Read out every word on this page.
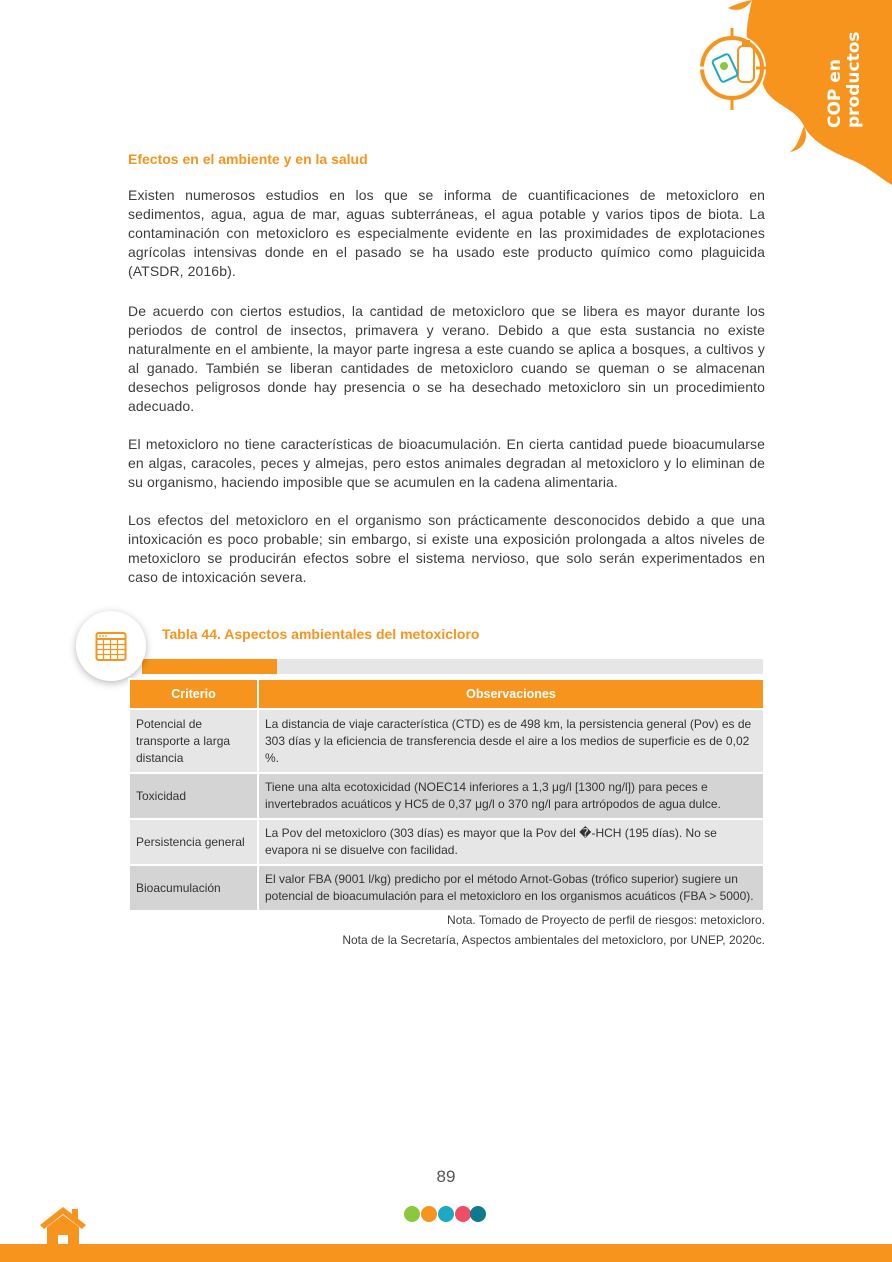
COP en
productos
Efectos en el ambiente y en la salud

Existen numerosos estudios en los que se informa de cuantificaciones de metoxicloro en sedimentos, agua, agua de mar, aguas subterráneas, el agua potable y varios tipos de biota. La contaminación con metoxicloro es especialmente evidente en las proximidades de explotaciones agrícolas intensivas donde en el pasado se ha usado este producto químico como plaguicida (ATSDR, 2016b).

De acuerdo con ciertos estudios, la cantidad de metoxicloro que se libera es mayor durante los periodos de control de insectos, primavera y verano. Debido a que esta sustancia no existe naturalmente en el ambiente, la mayor parte ingresa a este cuando se aplica a bosques, a cultivos y al ganado. También se liberan cantidades de metoxicloro cuando se queman o se almacenan desechos peligrosos donde hay presencia o se ha desechado metoxicloro sin un procedimiento adecuado.

El metoxicloro no tiene características de bioacumulación. En cierta cantidad puede bioacumularse en algas, caracoles, peces y almejas, pero estos animales degradan al metoxicloro y lo eliminan de su organismo, haciendo imposible que se acumulen en la cadena alimentaria.

Los efectos del metoxicloro en el organismo son prácticamente desconocidos debido a que una intoxicación es poco probable; sin embargo, si existe una exposición prolongada a altos niveles de metoxicloro se producirán efectos sobre el sistema nervioso, que solo serán experimentados en caso de intoxicación severa.

Tabla 44. Aspectos ambientales del metoxicloro
Criterio	Observaciones
Potencial de transporte a larga distancia	La distancia de viaje característica (CTD) es de 498 km, la persistencia general (Pov) es de 303 días y la eficiencia de transferencia desde el aire a los medios de superficie es de 0,02 %.
Toxicidad	Tiene una alta ecotoxicidad (NOEC14 inferiores a 1,3 μg/l [1300 ng/l]) para peces e invertebrados acuáticos y HC5 de 0,37 μg/l o 370 ng/l para artrópodos de agua dulce.
Persistencia general	La Pov del metoxicloro (303 días) es mayor que la Pov del �-HCH (195 días). No se evapora ni se disuelve con facilidad.
Bioacumulación	El valor FBA (9001 l/kg) predicho por el método Arnot-Gobas (trófico superior) sugiere un potencial de bioacumulación para el metoxicloro en los organismos acuáticos (FBA > 5000).
Nota. Tomado de Proyecto de perfil de riesgos: metoxicloro.
Nota de la Secretaría, Aspectos ambientales del metoxicloro, por UNEP, 2020c.
89
